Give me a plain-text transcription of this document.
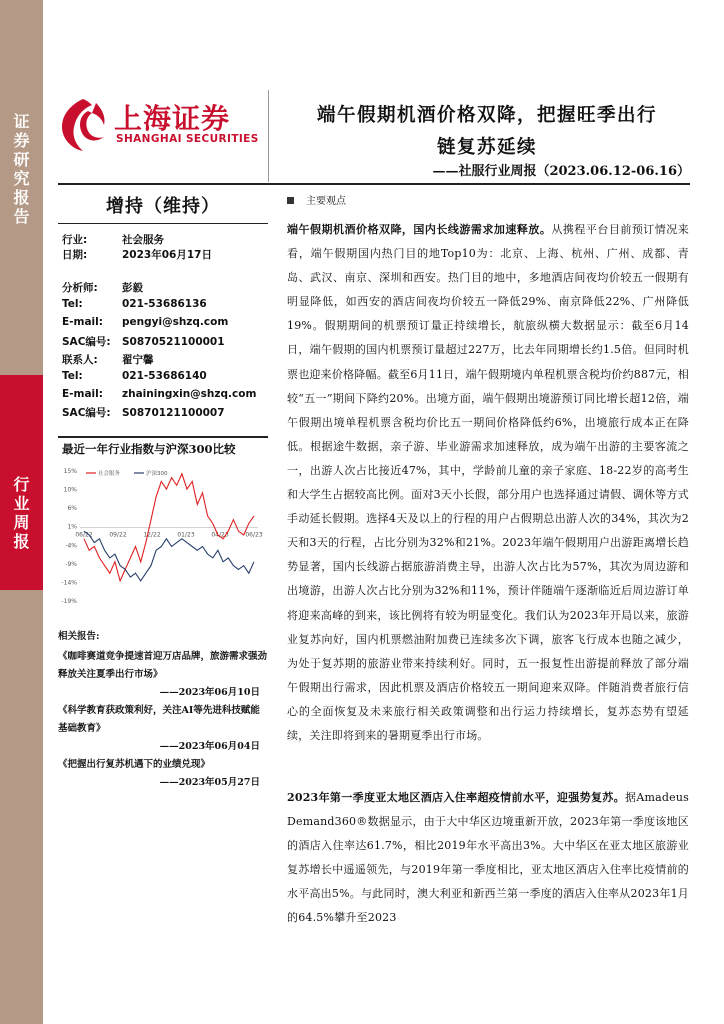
证
券
研
究
报
告
行
业
周
报
上海证券
SHANGHAI SECURITIES
端午假期机酒价格双降，把握旺季出行
链复苏延续
——社服行业周报（2023.06.12-06.16）
增持（维持）
行业:	社会服务
日期:	2023年06月17日
分析师: 彭毅
Tel:	021-53686136
E-mail: pengyi@shzq.com
SAC编号: S0870521100001
联系人: 翟宁馨
Tel:	021-53686140
E-mail: zhainingxin@shzq.com
SAC编号: S0870121100007
最近一年行业指数与沪深300比较
15%
10%
6%
1%
-4%
-9%
-14%
-19%
06/22	09/22	12/22	01/23	04/23	06/23
社会服务	沪深300
相关报告:
《咖啡赛道竞争提速首迎万店品牌，旅游需求强劲释放关注夏季出行市场》
——2023年06月10日
《科学教育获政策利好，关注AI等先进科技赋能基础教育》
——2023年06月04日
《把握出行复苏机遇下的业绩兑现》
——2023年05月27日
主要观点
端午假期机酒价格双降，国内长线游需求加速释放。从携程平台目前预订情况来看，端午假期国内热门目的地Top10为：北京、上海、杭州、广州、成都、青岛、武汉、南京、深圳和西安。热门目的地中，多地酒店间夜均价较五一假期有明显降低，如西安的酒店间夜均价较五一降低29%、南京降低22%、广州降低19%。假期期间的机票预订量正持续增长，航旅纵横大数据显示：截至6月14日，端午假期的国内机票预订量超过227万，比去年同期增长约1.5倍。但同时机票也迎来价格降幅。截至6月11日，端午假期境内单程机票含税均价约887元，相较“五一”期间下降约20%。出境方面，端午假期出境游预订同比增长超12倍，端午假期出境单程机票含税均价比五一期间价格降低约6%，出境旅行成本正在降低。根据途牛数据，亲子游、毕业游需求加速释放，成为端午出游的主要客流之一，出游人次占比接近47%，其中，学龄前儿童的亲子家庭、18-22岁的高考生和大学生占据较高比例。面对3天小长假，部分用户也选择通过请假、调休等方式手动延长假期。选择4天及以上的行程的用户占假期总出游人次的34%，其次为2天和3天的行程，占比分别为32%和21%。2023年端午假期用户出游距离增长趋势显著，国内长线游占据旅游消费主导，出游人次占比为57%，其次为周边游和出境游，出游人次占比分别为32%和11%，预计伴随端午逐渐临近后周边游订单将迎来高峰的到来，该比例将有较为明显变化。我们认为2023年开局以来，旅游业复苏向好，国内机票燃油附加费已连续多次下调，旅客飞行成本也随之减少，为处于复苏期的旅游业带来持续利好。同时，五一报复性出游提前释放了部分端午假期出行需求，因此机票及酒店价格较五一期间迎来双降。伴随消费者旅行信心的全面恢复及未来旅行相关政策调整和出行运力持续增长，复苏态势有望延续，关注即将到来的暑期夏季出行市场。
2023年第一季度亚太地区酒店入住率超疫情前水平，迎强势复苏。据Amadeus Demand360®数据显示，由于大中华区边境重新开放，2023年第一季度该地区的酒店入住率达61.7%，相比2019年水平高出3%。大中华区在亚太地区旅游业复苏增长中遥遥领先，与2019年第一季度相比，亚太地区酒店入住率比疫情前的水平高出5%。与此同时，澳大利亚和新西兰第一季度的酒店入住率从2023年1月的64.5%攀升至2023
